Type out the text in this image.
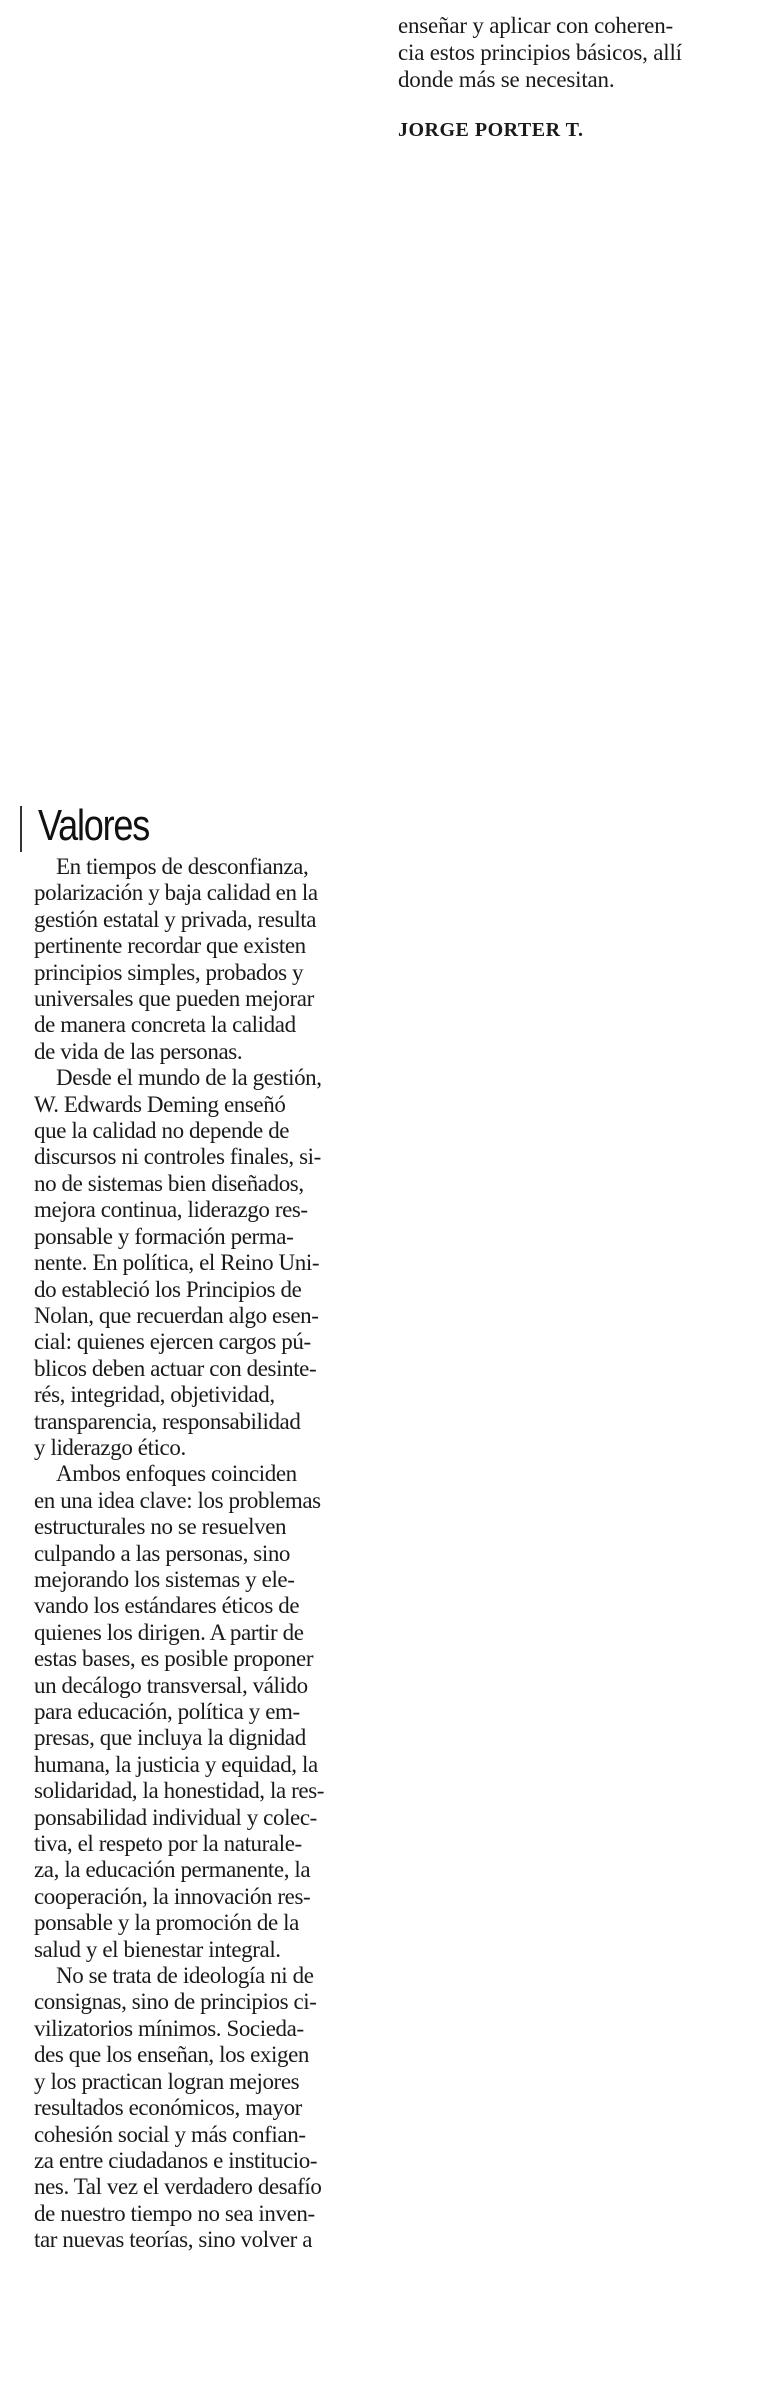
enseñar y aplicar con coheren-
cia estos principios básicos, allí
donde más se necesitan.
JORGE PORTER T.
Valores
En tiempos de desconfianza,
polarización y baja calidad en la
gestión estatal y privada, resulta
pertinente recordar que existen
principios simples, probados y
universales que pueden mejorar
de manera concreta la calidad
de vida de las personas.
Desde el mundo de la gestión,
W. Edwards Deming enseñó
que la calidad no depende de
discursos ni controles finales, si-
no de sistemas bien diseñados,
mejora continua, liderazgo res-
ponsable y formación perma-
nente. En política, el Reino Uni-
do estableció los Principios de
Nolan, que recuerdan algo esen-
cial: quienes ejercen cargos pú-
blicos deben actuar con desinte-
rés, integridad, objetividad,
transparencia, responsabilidad
y liderazgo ético.
Ambos enfoques coinciden
en una idea clave: los problemas
estructurales no se resuelven
culpando a las personas, sino
mejorando los sistemas y ele-
vando los estándares éticos de
quienes los dirigen. A partir de
estas bases, es posible proponer
un decálogo transversal, válido
para educación, política y em-
presas, que incluya la dignidad
humana, la justicia y equidad, la
solidaridad, la honestidad, la res-
ponsabilidad individual y colec-
tiva, el respeto por la naturale-
za, la educación permanente, la
cooperación, la innovación res-
ponsable y la promoción de la
salud y el bienestar integral.
No se trata de ideología ni de
consignas, sino de principios ci-
vilizatorios mínimos. Socieda-
des que los enseñan, los exigen
y los practican logran mejores
resultados económicos, mayor
cohesión social y más confian-
za entre ciudadanos e institucio-
nes. Tal vez el verdadero desafío
de nuestro tiempo no sea inven-
tar nuevas teorías, sino volver a
